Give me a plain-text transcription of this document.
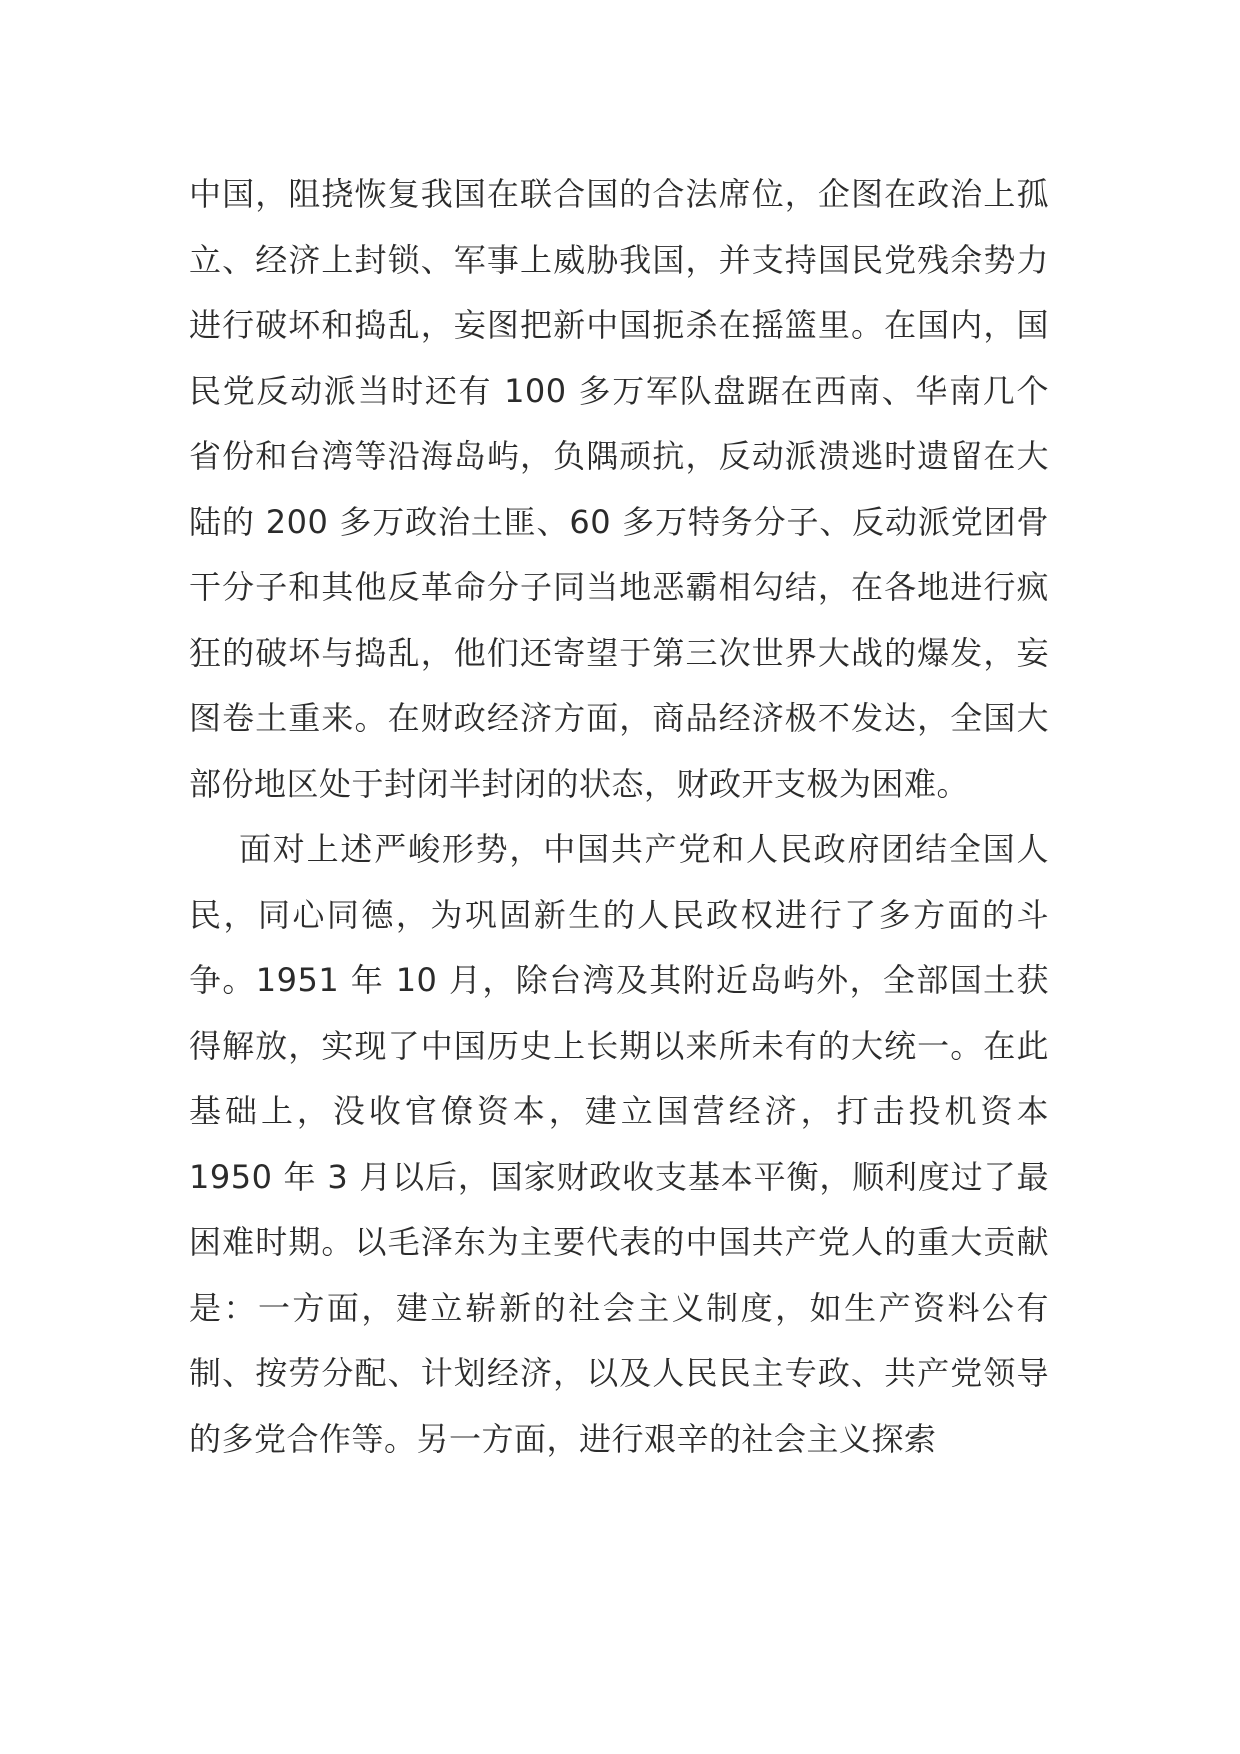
中国，阻挠恢复我国在联合国的合法席位，企图在政治上孤立、经济上封锁、军事上威胁我国，并支持国民党残余势力进行破坏和捣乱，妄图把新中国扼杀在摇篮里。在国内，国民党反动派当时还有 100 多万军队盘踞在西南、华南几个省份和台湾等沿海岛屿，负隅顽抗，反动派溃逃时遗留在大陆的 200 多万政治土匪、60 多万特务分子、反动派党团骨干分子和其他反革命分子同当地恶霸相勾结，在各地进行疯狂的破坏与捣乱，他们还寄望于第三次世界大战的爆发，妄图卷土重来。在财政经济方面，商品经济极不发达，全国大部份地区处于封闭半封闭的状态，财政开支极为困难。

面对上述严峻形势，中国共产党和人民政府团结全国人民，同心同德，为巩固新生的人民政权进行了多方面的斗争。1951 年 10 月，除台湾及其附近岛屿外，全部国土获得解放，实现了中国历史上长期以来所未有的大统一。在此基础上，没收官僚资本，建立国营经济，打击投机资本 1950 年 3 月以后，国家财政收支基本平衡，顺利度过了最困难时期。以毛泽东为主要代表的中国共产党人的重大贡献是：一方面，建立崭新的社会主义制度，如生产资料公有制、按劳分配、计划经济，以及人民民主专政、共产党领导的多党合作等。另一方面，进行艰辛的社会主义探索
